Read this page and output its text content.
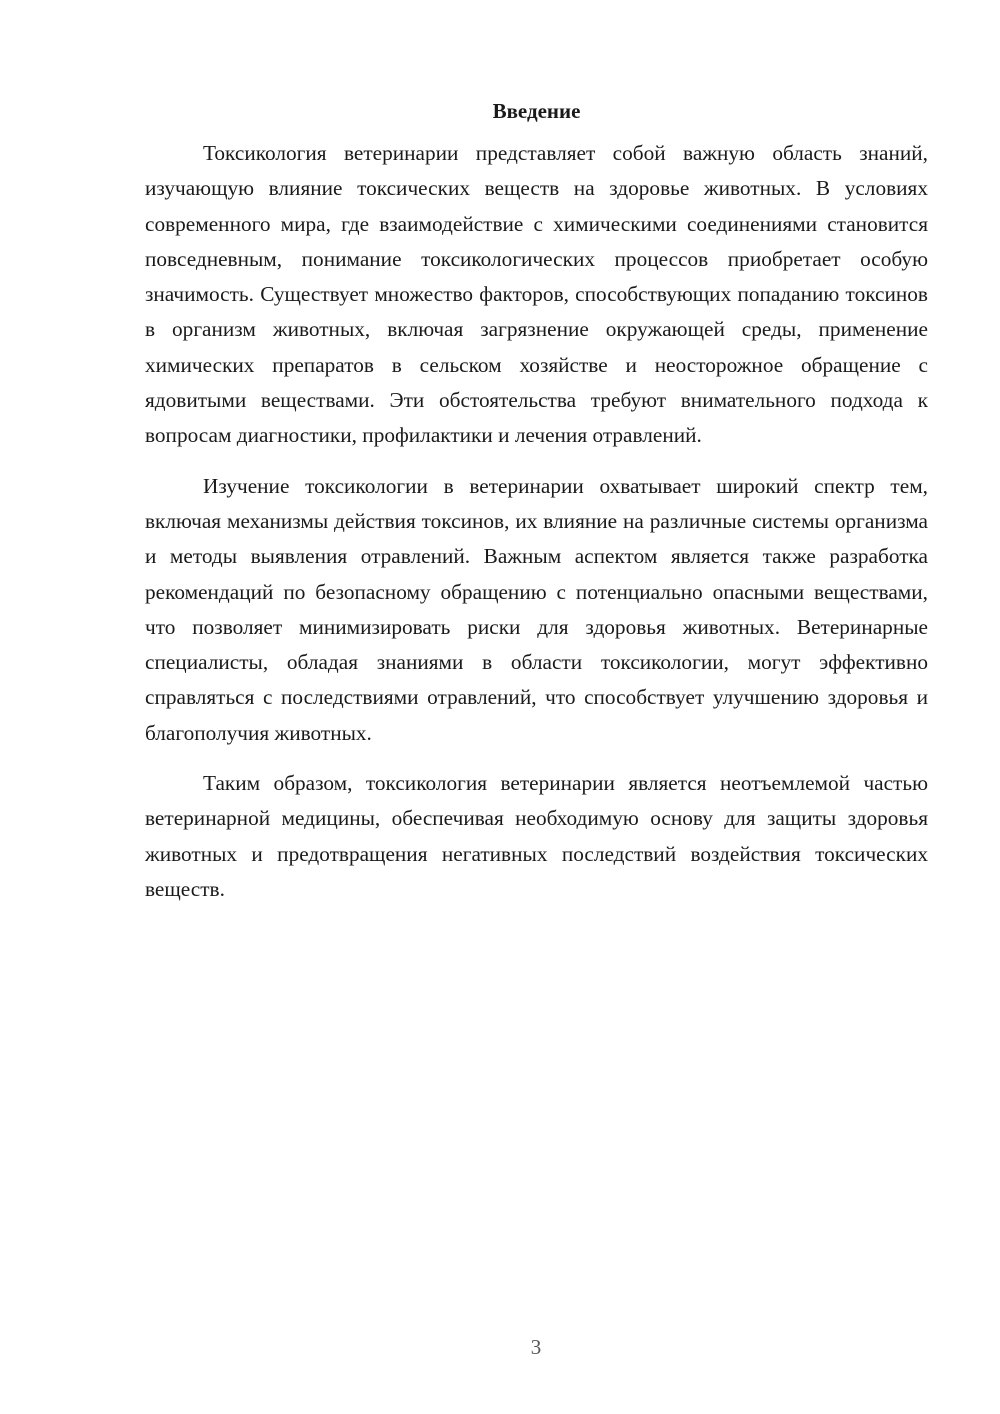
Введение

Токсикология ветеринарии представляет собой важную область знаний, изучающую влияние токсических веществ на здоровье животных. В условиях современного мира, где взаимодействие с химическими соединениями становится повседневным, понимание токсикологических процессов приобретает особую значимость. Существует множество факторов, способствующих попаданию токсинов в организм животных, включая загрязнение окружающей среды, применение химических препаратов в сельском хозяйстве и неосторожное обращение с ядовитыми веществами. Эти обстоятельства требуют внимательного подхода к вопросам диагностики, профилактики и лечения отравлений.

Изучение токсикологии в ветеринарии охватывает широкий спектр тем, включая механизмы действия токсинов, их влияние на различные системы организма и методы выявления отравлений. Важным аспектом является также разработка рекомендаций по безопасному обращению с потенциально опасными веществами, что позволяет минимизировать риски для здоровья животных. Ветеринарные специалисты, обладая знаниями в области токсикологии, могут эффективно справляться с последствиями отравлений, что способствует улучшению здоровья и благополучия животных.

Таким образом, токсикология ветеринарии является неотъемлемой частью ветеринарной медицины, обеспечивая необходимую основу для защиты здоровья животных и предотвращения негативных последствий воздействия токсических веществ.

3
